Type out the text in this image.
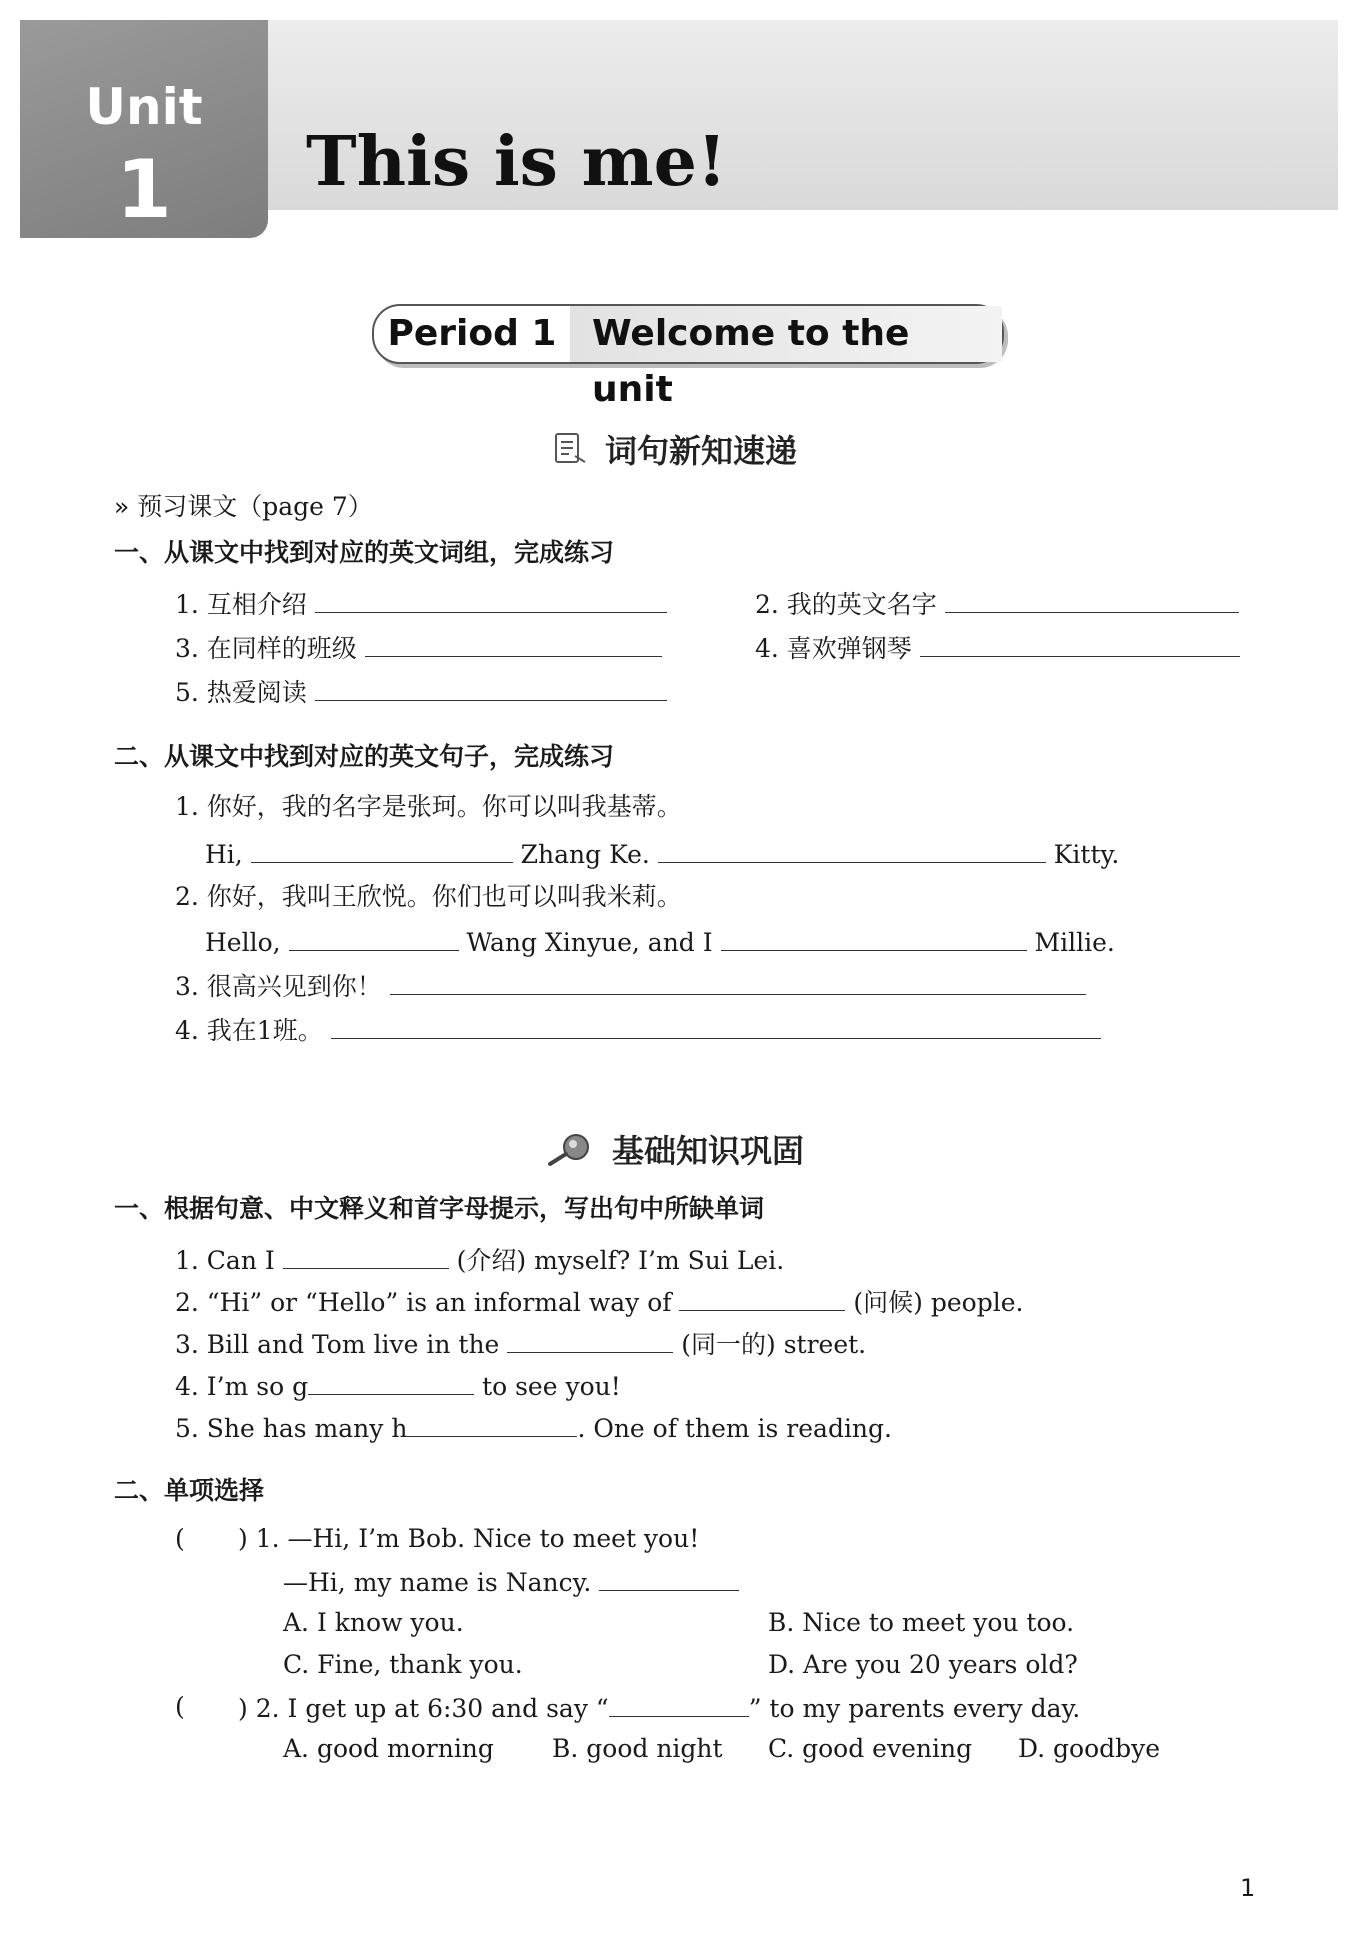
Unit
1	This is me!
Period 1 Welcome to the unit
词句新知速递
» 预习课文（page 7）
一、从课文中找到对应的英文词组，完成练习
1. 互相介绍	2. 我的英文名字
3. 在同样的班级	4. 喜欢弹钢琴
5. 热爱阅读
二、从课文中找到对应的英文句子，完成练习
1. 你好，我的名字是张珂。你可以叫我基蒂。
Hi,	Zhang Ke.	Kitty.
2. 你好，我叫王欣悦。你们也可以叫我米莉。
Hello,	Wang Xinyue, and I	Millie.
3. 很高兴见到你！
4. 我在1班。
基础知识巩固
一、根据句意、中文释义和首字母提示，写出句中所缺单词
1. Can I	(介绍) myself? I’m Sui Lei.
2. “Hi” or “Hello” is an informal way of	(问候) people.
3. Bill and Tom live in the	(同一的) street.
4. I’m so g	to see you!
5. She has many h	. One of them is reading.
二、单项选择
( ) 1. —Hi, I’m Bob. Nice to meet you!
—Hi, my name is Nancy.
A. I know you.	B. Nice to meet you too.
C. Fine, thank you.	D. Are you 20 years old?
( ) 2. I get up at 6:30 and say “	” to my parents every day.
A. good morning B. good night C. good evening D. goodbye
1
